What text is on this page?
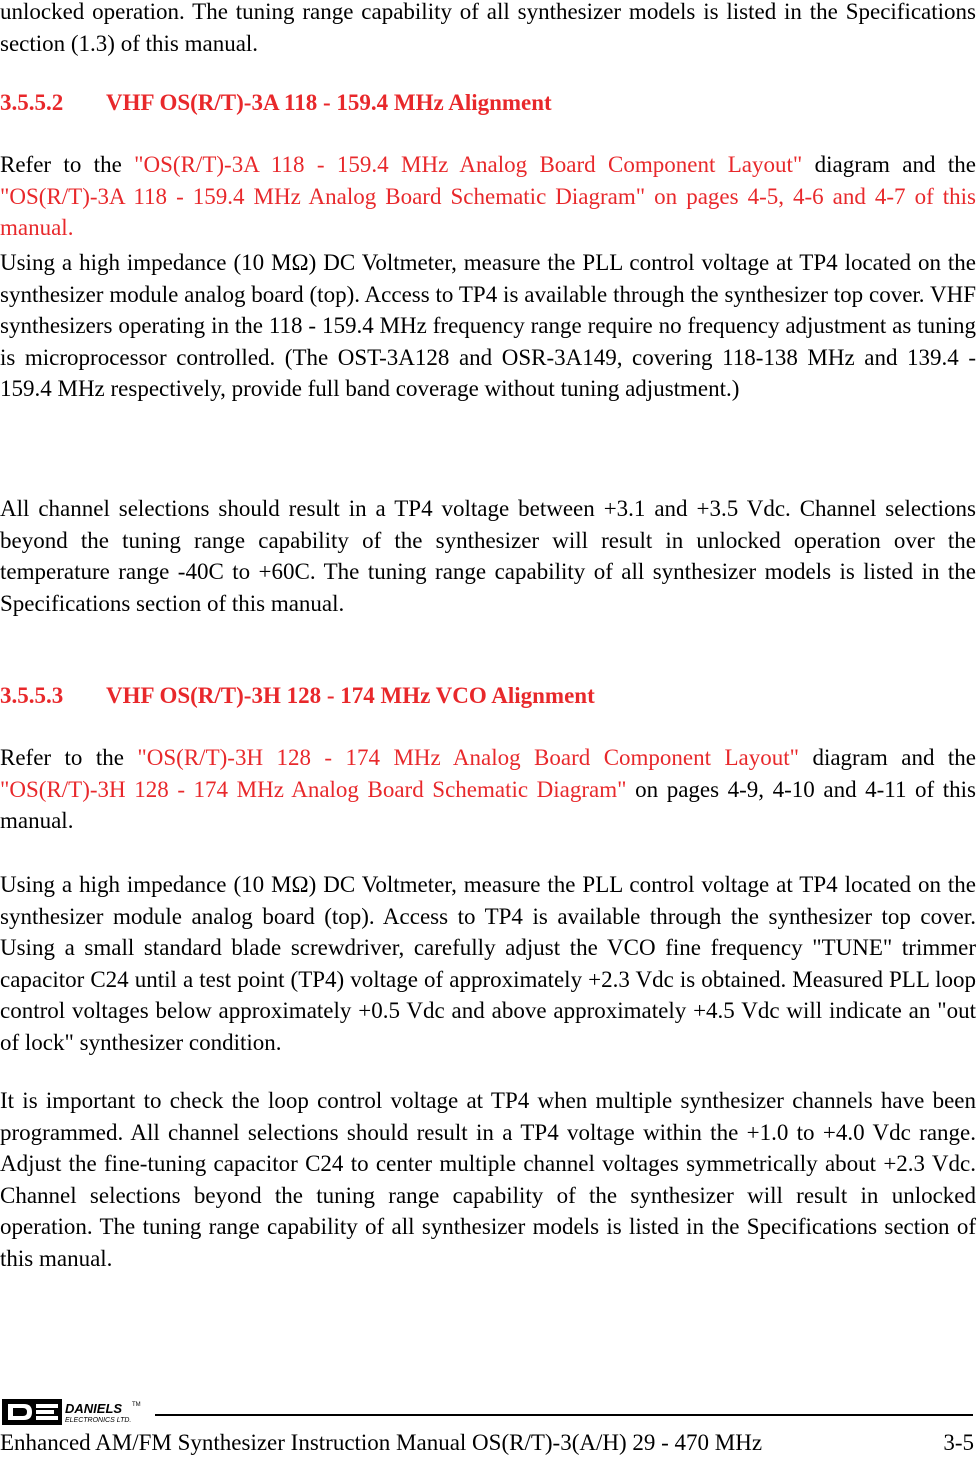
unlocked operation. The tuning range capability of all synthesizer models is listed in the Specifications section (1.3) of this manual.

3.5.5.2 VHF OS(R/T)-3A 118 - 159.4 MHz Alignment

Refer to the "OS(R/T)-3A 118 - 159.4 MHz Analog Board Component Layout" diagram and the "OS(R/T)-3A 118 - 159.4 MHz Analog Board Schematic Diagram" on pages 4-5, 4-6 and 4-7 of this manual.

Using a high impedance (10 MΩ) DC Voltmeter, measure the PLL control voltage at TP4 located on the synthesizer module analog board (top). Access to TP4 is available through the synthesizer top cover. VHF synthesizers operating in the 118 - 159.4 MHz frequency range require no frequency adjustment as tuning is microprocessor controlled. (The OST-3A128 and OSR-3A149, covering 118-138 MHz and 139.4 - 159.4 MHz respectively, provide full band coverage without tuning adjustment.)

All channel selections should result in a TP4 voltage between +3.1 and +3.5 Vdc. Channel selections beyond the tuning range capability of the synthesizer will result in unlocked operation over the temperature range -40C to +60C. The tuning range capability of all synthesizer models is listed in the Specifications section of this manual.

3.5.5.3 VHF OS(R/T)-3H 128 - 174 MHz VCO Alignment

Refer to the "OS(R/T)-3H 128 - 174 MHz Analog Board Component Layout" diagram and the "OS(R/T)-3H 128 - 174 MHz Analog Board Schematic Diagram" on pages 4-9, 4-10 and 4-11 of this manual.

Using a high impedance (10 MΩ) DC Voltmeter, measure the PLL control voltage at TP4 located on the synthesizer module analog board (top). Access to TP4 is available through the synthesizer top cover. Using a small standard blade screwdriver, carefully adjust the VCO fine frequency "TUNE" trimmer capacitor C24 until a test point (TP4) voltage of approximately +2.3 Vdc is obtained. Measured PLL loop control voltages below approximately +0.5 Vdc and above approximately +4.5 Vdc will indicate an "out of lock" synthesizer condition.

It is important to check the loop control voltage at TP4 when multiple synthesizer channels have been programmed. All channel selections should result in a TP4 voltage within the +1.0 to +4.0 Vdc range. Adjust the fine-tuning capacitor C24 to center multiple channel voltages symmetrically about +2.3 Vdc. Channel selections beyond the tuning range capability of the synthesizer will result in unlocked operation. The tuning range capability of all synthesizer models is listed in the Specifications section of this manual.

DANIELS TM
ELECTRONICS LTD.
Enhanced AM/FM Synthesizer Instruction Manual OS(R/T)-3(A/H) 29 - 470 MHz	3-5
